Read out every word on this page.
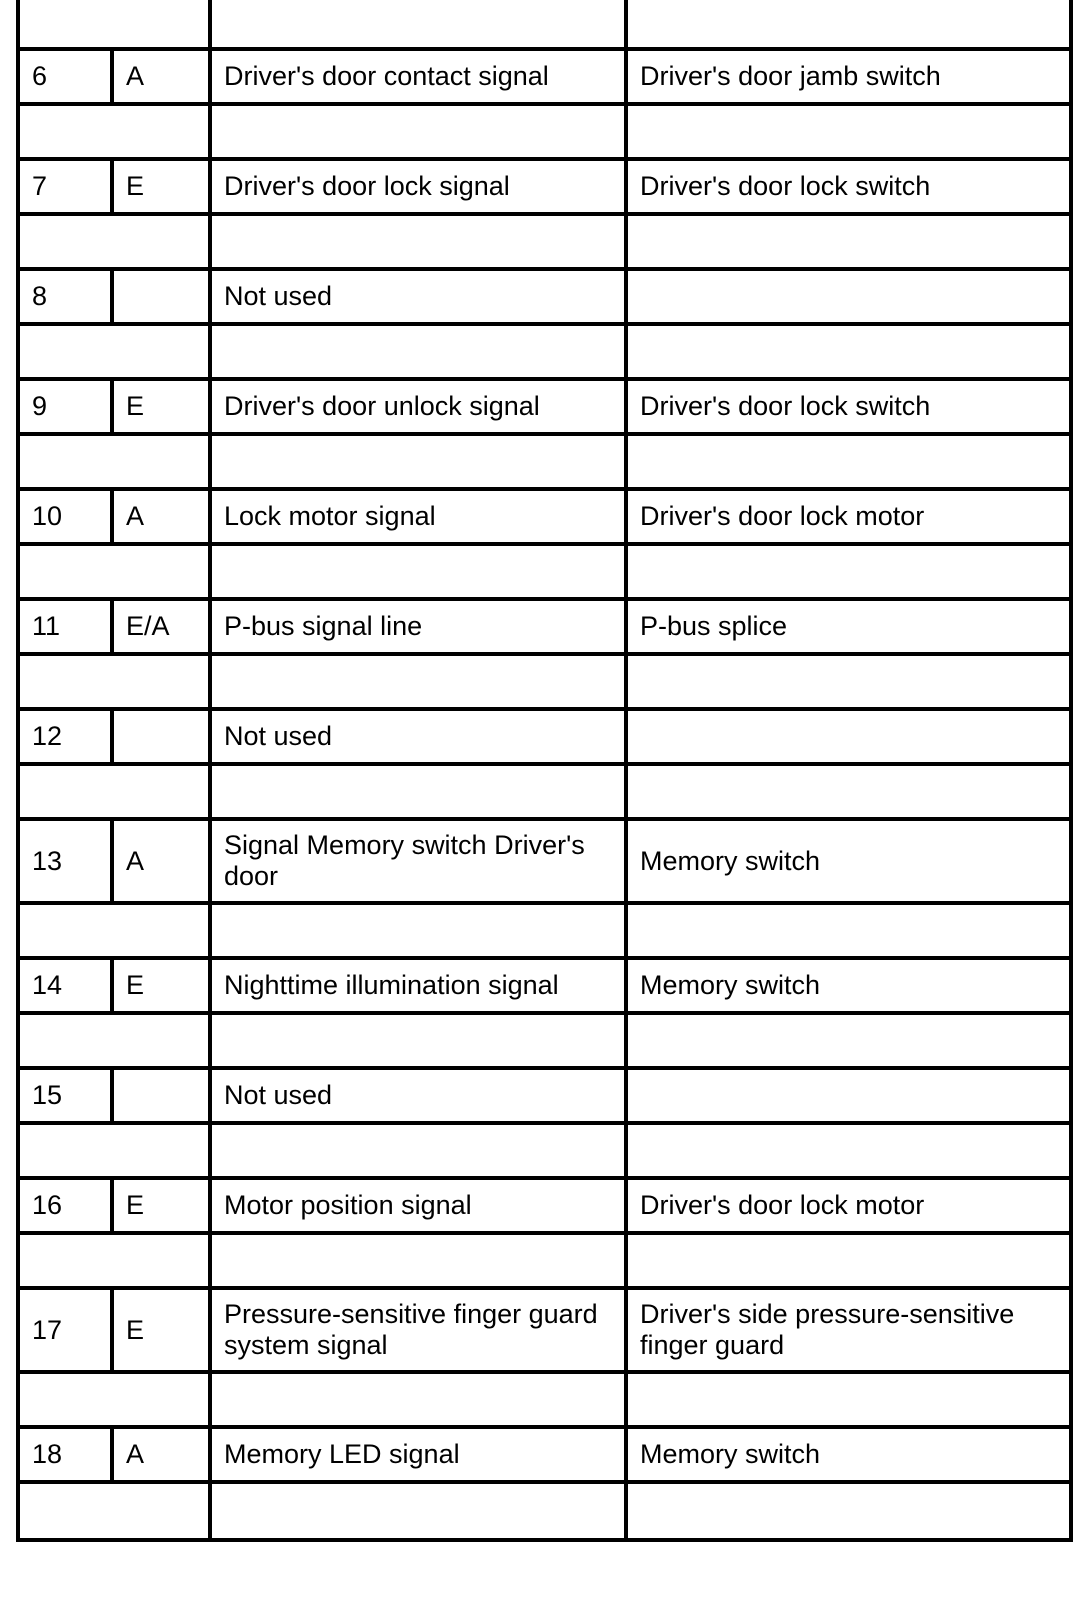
6	A	Driver's door contact signal	Driver's door jamb switch

7	E	Driver's door lock signal	Driver's door lock switch

8		Not used	

9	E	Driver's door unlock signal	Driver's door lock switch

10	A	Lock motor signal	Driver's door lock motor

11	E/A	P-bus signal line	P-bus splice

12		Not used	

13	A	Signal Memory switch Driver's door	Memory switch

14	E	Nighttime illumination signal	Memory switch

15		Not used	

16	E	Motor position signal	Driver's door lock motor

17	E	Pressure-sensitive finger guard system signal	Driver's side pressure-sensitive finger guard

18	A	Memory LED signal	Memory switch
